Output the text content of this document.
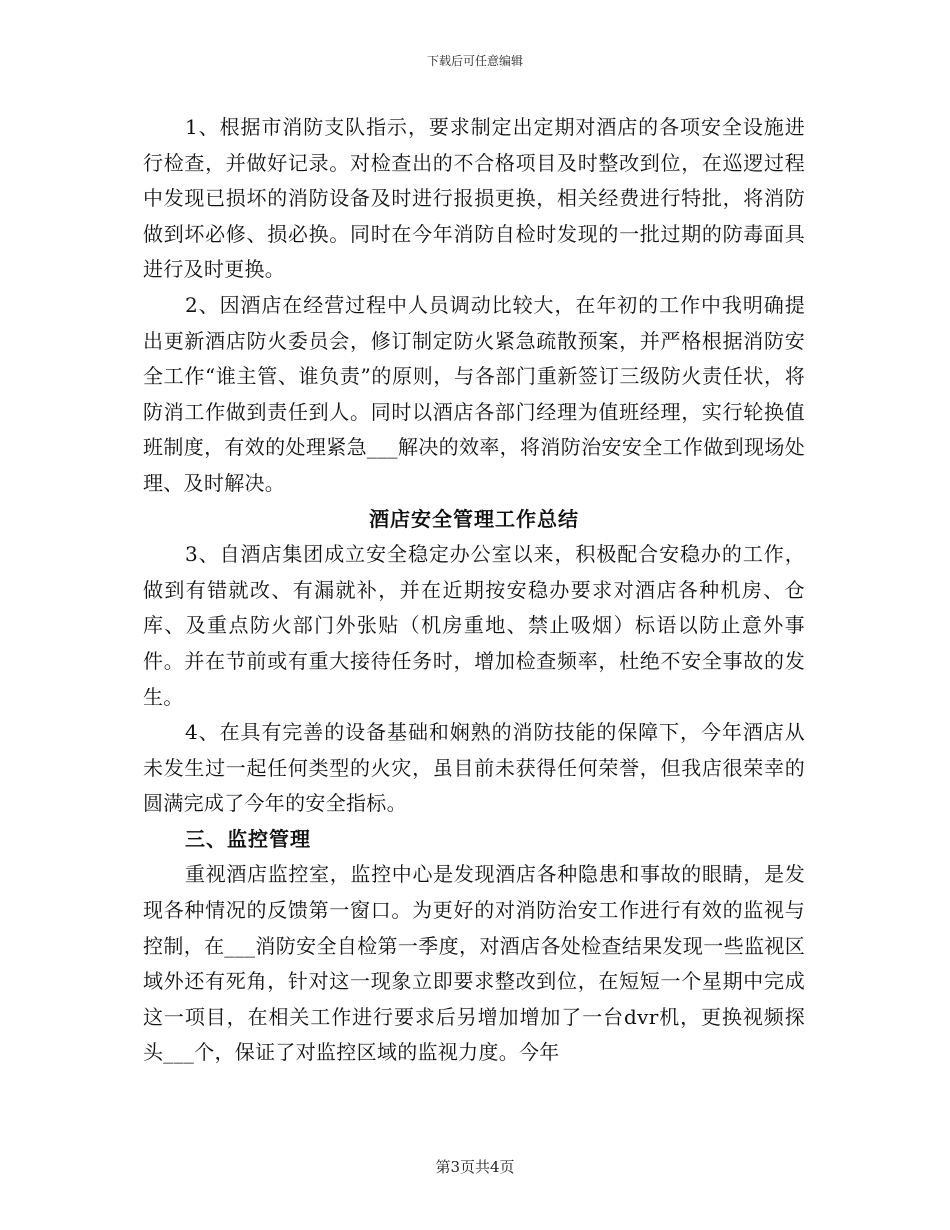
下载后可任意编辑

1、根据市消防支队指示，要求制定出定期对酒店的各项安全设施进行检查，并做好记录。对检查出的不合格项目及时整改到位，在巡逻过程中发现已损坏的消防设备及时进行报损更换，相关经费进行特批，将消防做到坏必修、损必换。同时在今年消防自检时发现的一批过期的防毒面具进行及时更换。

2、因酒店在经营过程中人员调动比较大，在年初的工作中我明确提出更新酒店防火委员会，修订制定防火紧急疏散预案，并严格根据消防安全工作“谁主管、谁负责”的原则，与各部门重新签订三级防火责任状，将防消工作做到责任到人。同时以酒店各部门经理为值班经理，实行轮换值班制度，有效的处理紧急___解决的效率，将消防治安安全工作做到现场处理、及时解决。

酒店安全管理工作总结

3、自酒店集团成立安全稳定办公室以来，积极配合安稳办的工作，做到有错就改、有漏就补，并在近期按安稳办要求对酒店各种机房、仓库、及重点防火部门外张贴（机房重地、禁止吸烟）标语以防止意外事件。并在节前或有重大接待任务时，增加检查频率，杜绝不安全事故的发生。

4、在具有完善的设备基础和娴熟的消防技能的保障下，今年酒店从未发生过一起任何类型的火灾，虽目前未获得任何荣誉，但我店很荣幸的圆满完成了今年的安全指标。

三、监控管理

重视酒店监控室，监控中心是发现酒店各种隐患和事故的眼睛，是发现各种情况的反馈第一窗口。为更好的对消防治安工作进行有效的监视与控制，在___消防安全自检第一季度，对酒店各处检查结果发现一些监视区域外还有死角，针对这一现象立即要求整改到位，在短短一个星期中完成这一项目，在相关工作进行要求后另增加增加了一台dvr机，更换视频探头___个，保证了对监控区域的监视力度。今年

第3页共4页
